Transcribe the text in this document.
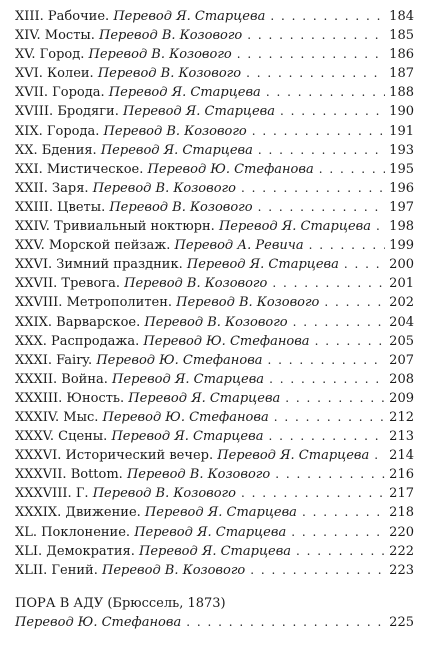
XIII. Рабочие. Перевод Я. Старцева . . .	184
XIV. Мосты. Перевод В. Козового . . .	185
XV. Город. Перевод В. Козового . . .	186
XVI. Колеи. Перевод В. Козового . . .	187
XVII. Города. Перевод Я. Старцева . . .	188
XVIII. Бродяги. Перевод Я. Старцева . . .	190
XIX. Города. Перевод В. Козового . . .	191
XX. Бдения. Перевод Я. Старцева . . .	193
XXI. Мистическое. Перевод Ю. Стефанова . . .	195
XXII. Заря. Перевод В. Козового . . .	196
XXIII. Цветы. Перевод В. Козового . . .	197
XXIV. Тривиальный ноктюрн. Перевод Я. Старцева . . . 198
XXV. Морской пейзаж. Перевод А. Ревича . . .	199
XXVI. Зимний праздник. Перевод Я. Старцева . . .	200
XXVII. Тревога. Перевод В. Козового . . .	201
XXVIII. Метрополитен. Перевод В. Козового . . .	202
XXIX. Варварское. Перевод В. Козового . . .	204
XXX. Распродажа. Перевод Ю. Стефанова . . .	205
XXXI. Fairy. Перевод Ю. Стефанова . . .	207
XXXII. Война. Перевод Я. Старцева . . .	208
XXXIII. Юность. Перевод Я. Старцева . . .	209
XXXIV. Мыс. Перевод Ю. Стефанова . . .	212
XXXV. Сцены. Перевод Я. Старцева . . .	213
XXXVI. Исторический вечер. Перевод Я. Старцева . . . 214
XXXVII. Bottom. Перевод В. Козового . . .	216
XXXVIII. Г. Перевод В. Козового . . .	217
XXXIX. Движение. Перевод Я. Старцева . . .	218
XL. Поклонение. Перевод Я. Старцева . . .	220
XLI. Демократия. Перевод Я. Старцева . . .	222
XLII. Гений. Перевод В. Козового . . .	223
ПОРА В АДУ (Брюссель, 1873)
Перевод Ю. Стефанова . . .	225
